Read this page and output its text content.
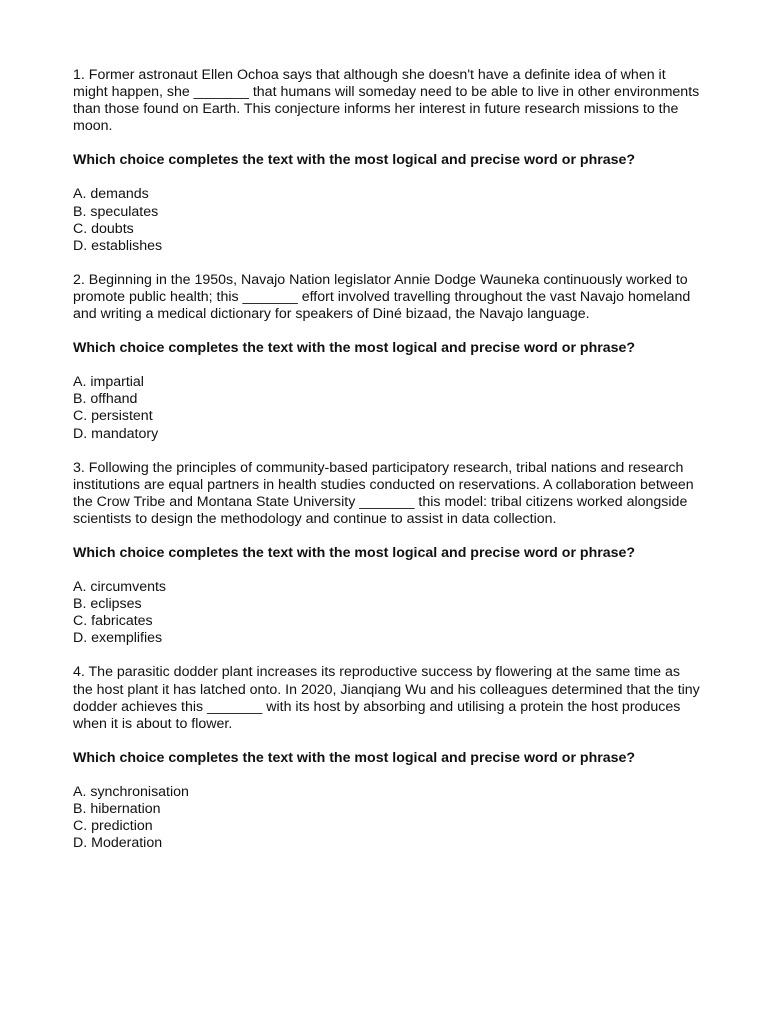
1. Former astronaut Ellen Ochoa says that although she doesn't have a definite idea of when it might happen, she _______ that humans will someday need to be able to live in other environments than those found on Earth. This conjecture informs her interest in future research missions to the moon.

Which choice completes the text with the most logical and precise word or phrase?

A. demands
B. speculates
C. doubts
D. establishes

2. Beginning in the 1950s, Navajo Nation legislator Annie Dodge Wauneka continuously worked to promote public health; this _______ effort involved travelling throughout the vast Navajo homeland and writing a medical dictionary for speakers of Diné bizaad, the Navajo language.

Which choice completes the text with the most logical and precise word or phrase?

A. impartial
B. offhand
C. persistent
D. mandatory

3. Following the principles of community-based participatory research, tribal nations and research institutions are equal partners in health studies conducted on reservations. A collaboration between the Crow Tribe and Montana State University _______ this model: tribal citizens worked alongside scientists to design the methodology and continue to assist in data collection.

Which choice completes the text with the most logical and precise word or phrase?

A. circumvents
B. eclipses
C. fabricates
D. exemplifies

4. The parasitic dodder plant increases its reproductive success by flowering at the same time as the host plant it has latched onto. In 2020, Jianqiang Wu and his colleagues determined that the tiny dodder achieves this _______ with its host by absorbing and utilising a protein the host produces when it is about to flower.

Which choice completes the text with the most logical and precise word or phrase?

A. synchronisation
B. hibernation
C. prediction
D. Moderation
